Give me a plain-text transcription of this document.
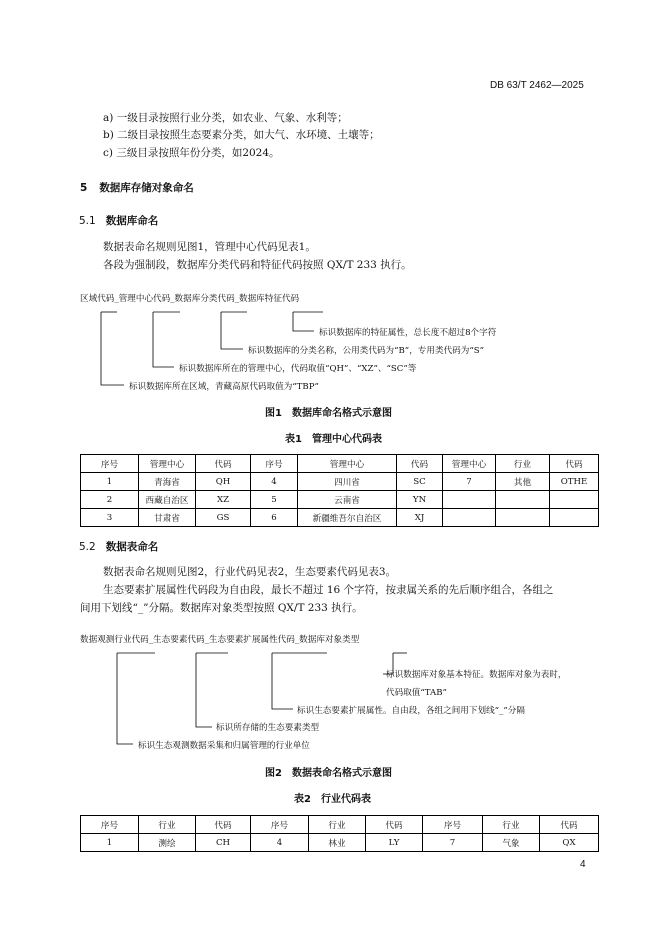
DB 63/T 2462—2025
a) 一级目录按照行业分类，如农业、气象、水利等；
b) 二级目录按照生态要素分类，如大气、水环境、土壤等；
c) 三级目录按照年份分类，如2024。
5 数据库存储对象命名
5.1 数据库命名
数据表命名规则见图1，管理中心代码见表1。
各段为强制段，数据库分类代码和特征代码按照 QX/T 233 执行。
区域代码_管理中心代码_数据库分类代码_数据库特征代码
标识数据库的特征属性，总长度不超过8个字符
标识数据库的分类名称，公用类代码为“B”，专用类代码为“S”
标识数据库所在的管理中心，代码取值“QH”、“XZ”、“SC”等
标识数据库所在区域，青藏高原代码取值为“TBP”
图1　数据库命名格式示意图
表1　管理中心代码表
序号	管理中心	代码	序号	管理中心	代码	管理中心	行业	代码
1	青海省	QH	4	四川省	SC	7	其他	OTHE
2	西藏自治区	XZ	5	云南省	YN			
3	甘肃省	GS	6	新疆维吾尔自治区	XJ			
5.2 数据表命名
数据表命名规则见图2，行业代码见表2，生态要素代码见表3。
生态要素扩展属性代码段为自由段，最长不超过 16 个字符，按隶属关系的先后顺序组合，各组之
间用下划线“_”分隔。数据库对象类型按照 QX/T 233 执行。
数据观测行业代码_生态要素代码_生态要素扩展属性代码_数据库对象类型
标识数据库对象基本特征。数据库对象为表时，
代码取值“TAB”
标识生态要素扩展属性。自由段，各组之间用下划线“_”分隔
标识所存储的生态要素类型
标识生态观测数据采集和归属管理的行业单位
图2　数据表命名格式示意图
表2　行业代码表
序号	行业	代码	序号	行业	代码	序号	行业	代码
1	测绘	CH	4	林业	LY	7	气象	QX
4
